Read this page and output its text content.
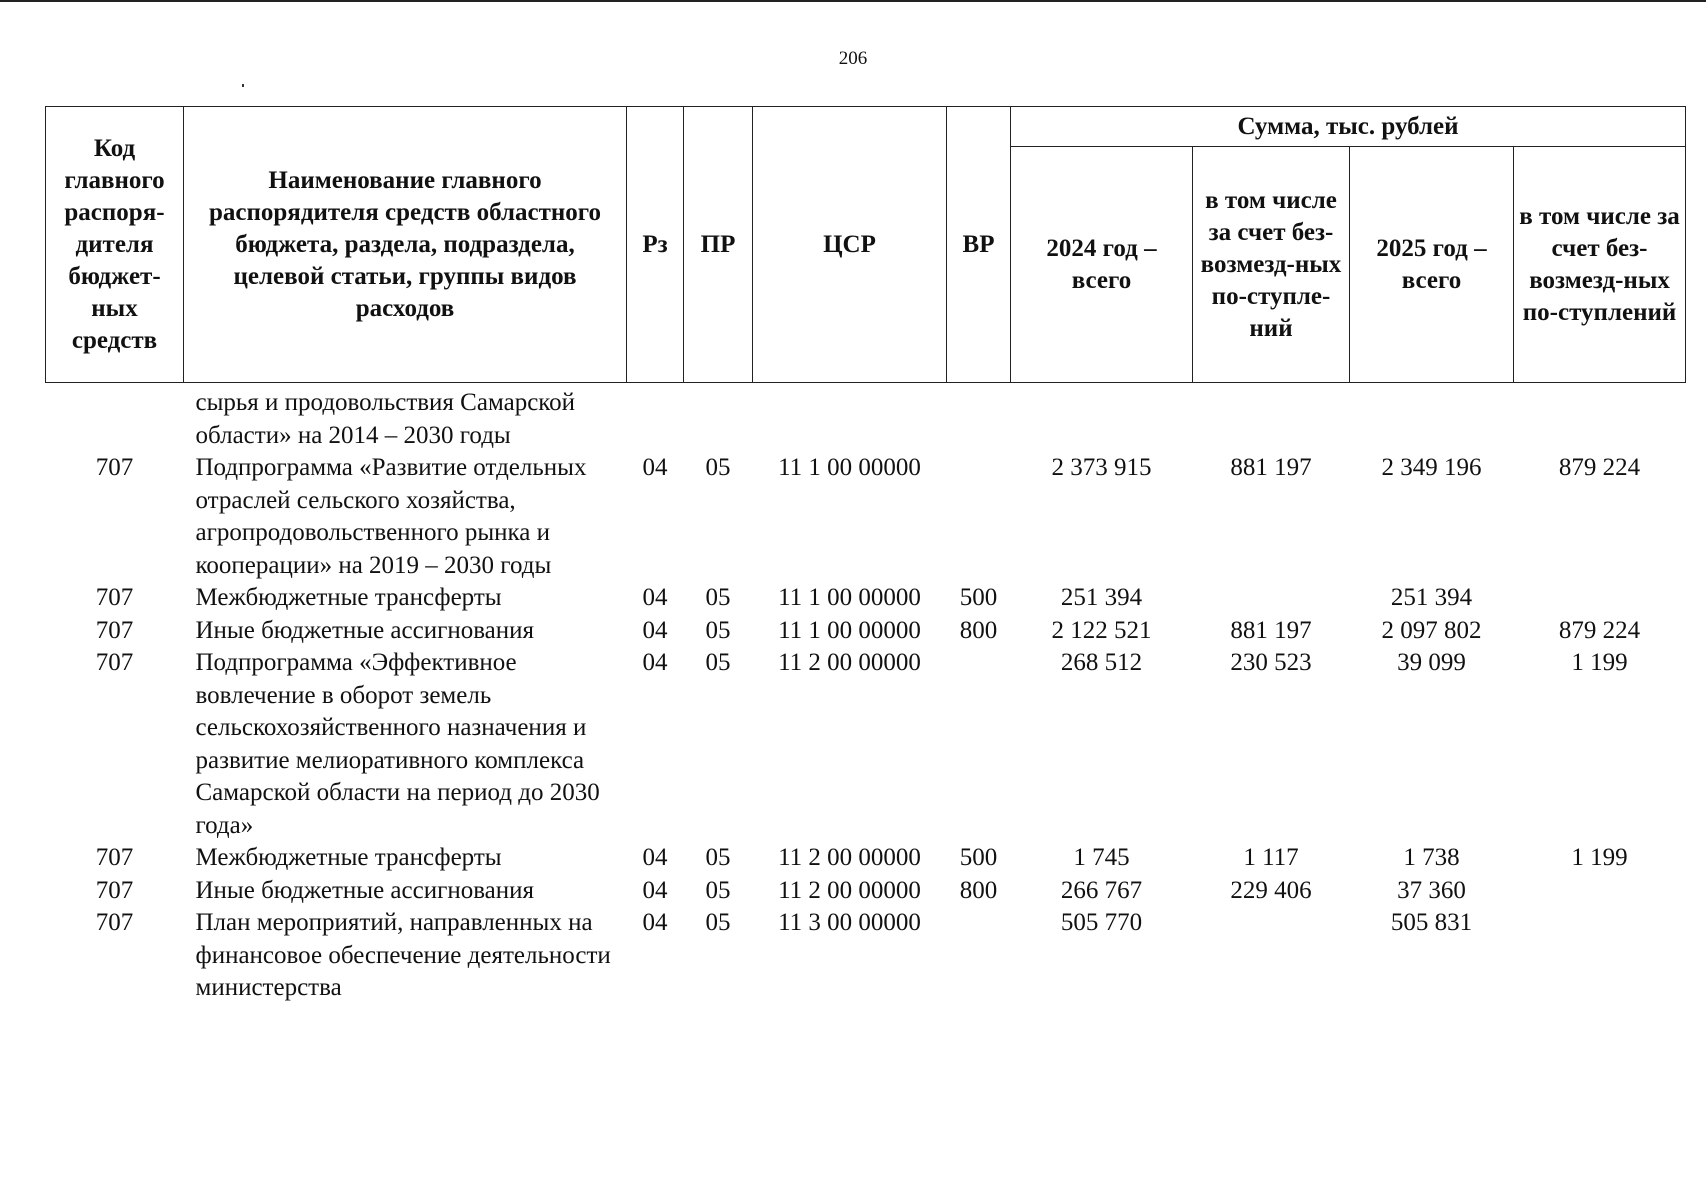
206
Код главного распоря-дителя бюджет-ных средств	Наименование главного распорядителя средств областного бюджета, раздела, подраздела, целевой статьи, группы видов расходов	Рз	ПР	ЦСР	ВР	Сумма, тыс. рублей			
						2024 год – всего	в том числе за счет без-возмезд-ных по-ступле-ний	2025 год – всего	в том числе за счет без-возмезд-ных по-ступлений
	сырья и продовольствия Самарской области» на 2014 – 2030 годы								
707	Подпрограмма «Развитие отдельных отраслей сельского хозяйства, агропродовольственного рынка и кооперации» на 2019 – 2030 годы	04	05	11 1 00 00000		2 373 915	881 197	2 349 196	879 224
707	Межбюджетные трансферты	04	05	11 1 00 00000	500	251 394		251 394	
707	Иные бюджетные ассигнования	04	05	11 1 00 00000	800	2 122 521	881 197	2 097 802	879 224
707	Подпрограмма «Эффективное вовлечение в оборот земель сельскохозяйственного назначения и развитие мелиоративного комплекса Самарской области на период до 2030 года»	04	05	11 2 00 00000		268 512	230 523	39 099	1 199
707	Межбюджетные трансферты	04	05	11 2 00 00000	500	1 745	1 117	1 738	1 199
707	Иные бюджетные ассигнования	04	05	11 2 00 00000	800	266 767	229 406	37 360	
707	План мероприятий, направленных на финансовое обеспечение деятельности министерства	04	05	11 3 00 00000		505 770		505 831	
